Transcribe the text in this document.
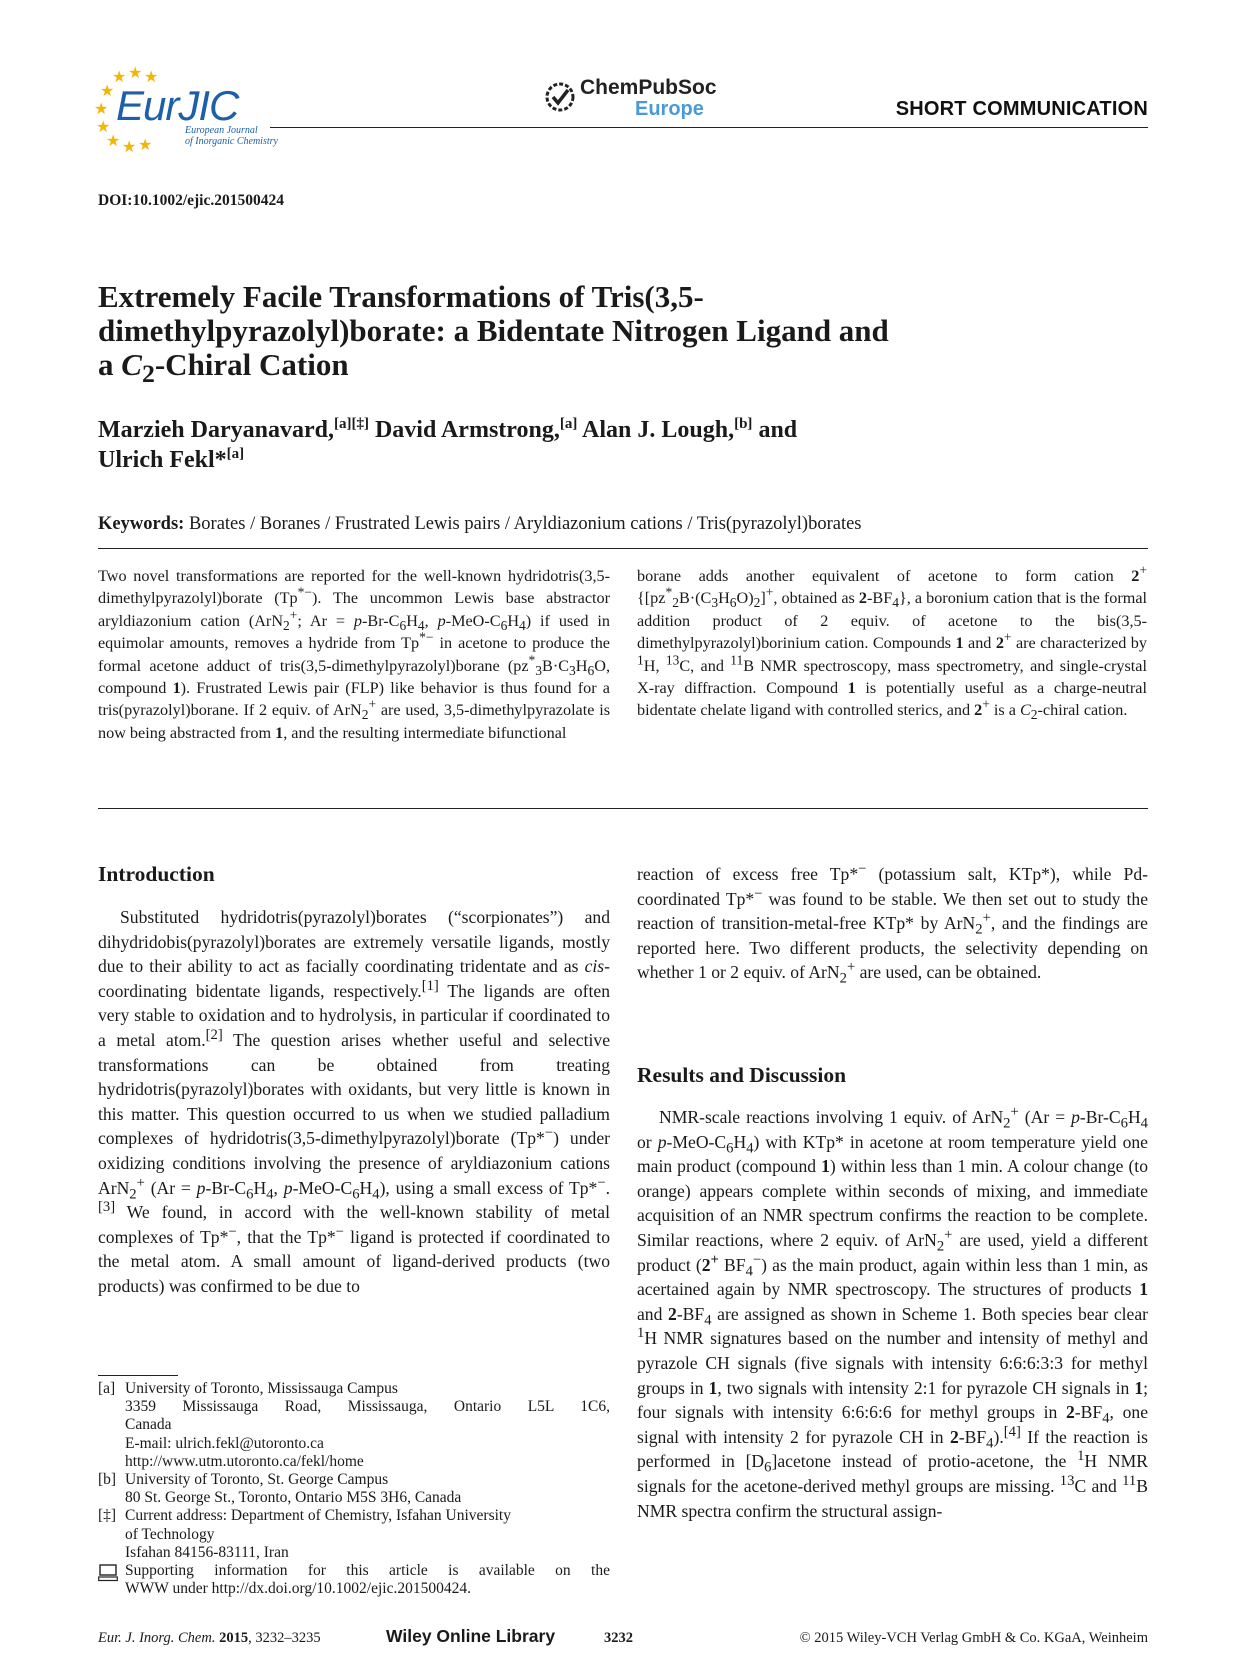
★ ★ ★
★
★
★
★ ★ ★
EurJIC
European Journal
of Inorganic Chemistry
ChemPubSoc
Europe	SHORT COMMUNICATION
DOI:10.1002/ejic.201500424
Extremely Facile Transformations of Tris(3,5-
dimethylpyrazolyl)borate: a Bidentate Nitrogen Ligand and
a $C_2$-Chiral Cation

Marzieh Daryanavard,[a][‡] David Armstrong,[a] Alan J. Lough,[b] and
Ulrich Fekl*[a]

Keywords: Borates / Boranes / Frustrated Lewis pairs / Aryldiazonium cations / Tris(pyrazolyl)borates

Two novel transformations are reported for the well-known hydridotris(3,5-dimethylpyrazolyl)borate (Tp*−). The uncommon Lewis base abstractor aryldiazonium cation (ArN$_2$+; $Ar = p-Br-C_6H_4$, $p-MeO-C_6H_4$) if used in equimolar amounts, removes a hydride from Tp*− in acetone to produce the formal acetone adduct of tris(3,5-dimethylpyrazolyl)borane ($pz^*_3B\cdot C_3H_6O$, compound 1). Frustrated Lewis pair (FLP) like behavior is thus found for a tris(pyrazolyl)borane. If 2 equiv. of ArN$_2$+ are used, 3,5-dimethylpyrazolate is now being abstracted from 1, and the resulting intermediate bifunctional

borane adds another equivalent of acetone to form cation 2+ {$[pz^*_2B\cdot(C_3H_6O)_2]^+$, obtained as $2-BF_4$}, a boronium cation that is the formal addition product of 2 equiv. of acetone to the bis(3,5-dimethylpyrazolyl)borinium cation. Compounds 1 and 2+ are characterized by $^1$H, $^{13}$C, and $^{11}$B NMR spectroscopy, mass spectrometry, and single-crystal X-ray diffraction. Compound 1 is potentially useful as a charge-neutral bidentate chelate ligand with controlled sterics, and 2+ is a $C_2$-chiral cation.

Introduction

Substituted hydridotris(pyrazolyl)borates (“scorpionates”) and dihydridobis(pyrazolyl)borates are extremely versatile ligands, mostly due to their ability to act as facially coordinating tridentate and as cis-coordinating bidentate ligands, respectively.[1] The ligands are often very stable to oxidation and to hydrolysis, in particular if coordinated to a metal atom.[2] The question arises whether useful and selective transformations can be obtained from treating hydridotris(pyrazolyl)borates with oxidants, but very little is known in this matter. This question occurred to us when we studied palladium complexes of hydridotris(3,5-dimethylpyrazolyl)borate (Tp*−) under oxidizing conditions involving the presence of aryldiazonium cations ArN$_2$+ ($Ar = p-Br-C_6H_4$, $p-MeO-C_6H_4$), using a small excess of Tp*−.[3] We found, in accord with the well-known stability of metal complexes of Tp*−, that the Tp*− ligand is protected if coordinated to the metal atom. A small amount of ligand-derived products (two products) was confirmed to be due to

reaction of excess free Tp*− (potassium salt, KTp*), while Pd-coordinated Tp*− was found to be stable. We then set out to study the reaction of transition-metal-free KTp* by ArN$_2$+, and the findings are reported here. Two different products, the selectivity depending on whether 1 or 2 equiv. of ArN$_2$+ are used, can be obtained.

Results and Discussion

NMR-scale reactions involving 1 equiv. of ArN$_2$+ ($Ar = p-Br-C_6H_4$ or $p-MeO-C_6H_4$) with KTp* in acetone at room temperature yield one main product (compound 1) within less than 1 min. A colour change (to orange) appears complete within seconds of mixing, and immediate acquisition of an NMR spectrum confirms the reaction to be complete. Similar reactions, where 2 equiv. of ArN$_2$+ are used, yield a different product (2+ $BF_4^-$) as the main product, again within less than 1 min, as acertained again by NMR spectroscopy. The structures of products 1 and $2-BF_4$ are assigned as shown in Scheme 1. Both species bear clear $^1$H NMR signatures based on the number and intensity of methyl and pyrazole CH signals (five signals with intensity 6:6:6:3:3 for methyl groups in 1, two signals with intensity 2:1 for pyrazole CH signals in 1; four signals with intensity 6:6:6:6 for methyl groups in $2-BF_4$, one signal with intensity 2 for pyrazole CH in $2-BF_4).[4]$ If the reaction is performed in $[D_6]acetone$ instead of protio-acetone, the $^1$H NMR signals for the acetone-derived methyl groups are missing. $^{13}$C and $^{11}$B NMR spectra confirm the structural assign-

[a] University of Toronto, Mississauga Campus
3359 Mississauga Road, Mississauga, Ontario L5L 1C6,
Canada
E-mail: ulrich.fekl@utoronto.ca
http://www.utm.utoronto.ca/fekl/home
[b] University of Toronto, St. George Campus
80 St. George St., Toronto, Ontario M5S 3H6, Canada
[‡] Current address: Department of Chemistry, Isfahan University
of Technology
Isfahan 84156-83111, Iran
Supporting information for this article is available on the
WWW under http://dx.doi.org/10.1002/ejic.201500424.
Eur. J. Inorg. Chem. 2015, 3232–3235	Wiley Online Library	3232	© 2015 Wiley-VCH Verlag GmbH & Co. KGaA, Weinheim
